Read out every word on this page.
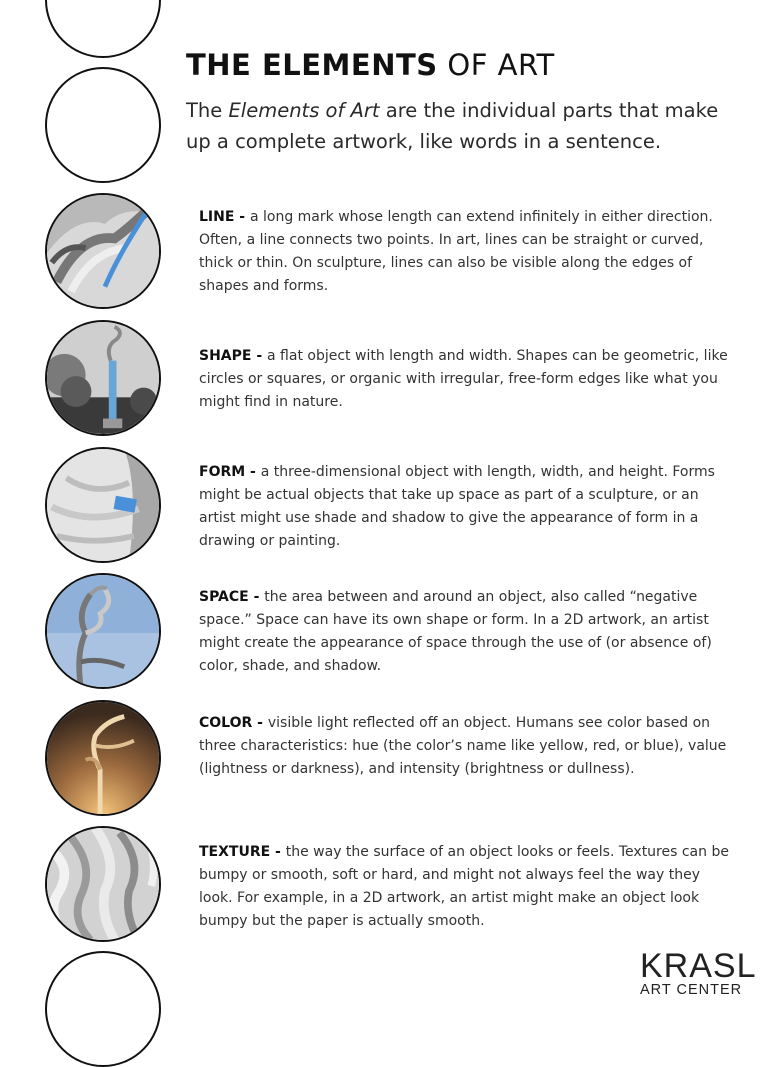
THE ELEMENTS OF ART

The Elements of Art are the individual parts that make up a complete artwork, like words in a sentence.

LINE - a long mark whose length can extend infinitely in either direction. Often, a line connects two points. In art, lines can be straight or curved, thick or thin. On sculpture, lines can also be visible along the edges of shapes and forms.

SHAPE - a flat object with length and width. Shapes can be geometric, like circles or squares, or organic with irregular, free-form edges like what you might find in nature.

FORM - a three-dimensional object with length, width, and height. Forms might be actual objects that take up space as part of a sculpture, or an artist might use shade and shadow to give the appearance of form in a drawing or painting.

SPACE - the area between and around an object, also called “negative space.” Space can have its own shape or form. In a 2D artwork, an artist might create the appearance of space through the use of (or absence of) color, shade, and shadow.

COLOR - visible light reflected off an object. Humans see color based on three characteristics: hue (the color’s name like yellow, red, or blue), value (lightness or darkness), and intensity (brightness or dullness).

TEXTURE - the way the surface of an object looks or feels. Textures can be bumpy or smooth, soft or hard, and might not always feel the way they look. For example, in a 2D artwork, an artist might make an object look bumpy but the paper is actually smooth.

KRASL
ART CENTER
